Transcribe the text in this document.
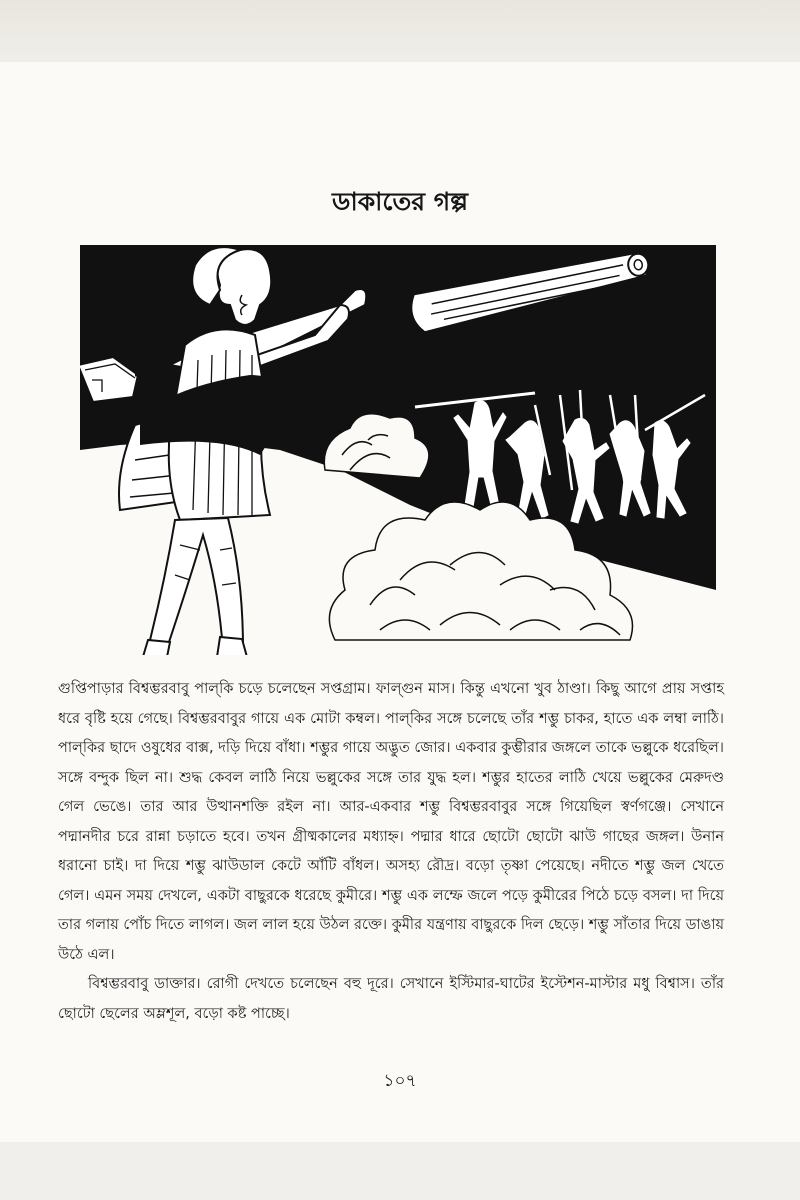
ডাকাতের গল্প

গুপ্তিপাড়ার বিশ্বম্ভরবাবু পাল্‌কি চড়ে চলেছেন সপ্তগ্রাম। ফাল্গুন মাস। কিন্তু এখনো খুব ঠাণ্ডা। কিছু আগে প্রায় সপ্তাহ ধরে বৃষ্টি হয়ে গেছে। বিশ্বম্ভরবাবুর গায়ে এক মোটা কম্বল। পাল্‌কির সঙ্গে চলেছে তাঁর শম্ভু চাকর, হাতে এক লম্বা লাঠি। পাল্‌কির ছাদে ওষুধের বাক্স, দড়ি দিয়ে বাঁধা। শম্ভুর গায়ে অদ্ভুত জোর। একবার কুম্ভীরার জঙ্গলে তাকে ভল্লুকে ধরেছিল। সঙ্গে বন্দুক ছিল না। শুদ্ধ কেবল লাঠি নিয়ে ভল্লুকের সঙ্গে তার যুদ্ধ হল। শম্ভুর হাতের লাঠি খেয়ে ভল্লুকের মেরুদণ্ড গেল ভেঙে। তার আর উত্থানশক্তি রইল না। আর-একবার শম্ভু বিশ্বম্ভরবাবুর সঙ্গে গিয়েছিল স্বর্ণগঞ্জে। সেখানে পদ্মানদীর চরে রান্না চড়াতে হবে। তখন গ্রীষ্মকালের মধ্যাহ্ন। পদ্মার ধারে ছোটো ছোটো ঝাউ গাছের জঙ্গল। উনান ধরানো চাই। দা দিয়ে শম্ভু ঝাউডাল কেটে আঁটি বাঁধল। অসহ্য রৌদ্র। বড়ো তৃষ্ণা পেয়েছে। নদীতে শম্ভু জল খেতে গেল। এমন সময় দেখলে, একটা বাছুরকে ধরেছে কুমীরে। শম্ভু এক লম্ফে জলে পড়ে কুমীরের পিঠে চড়ে বসল। দা দিয়ে তার গলায় পোঁচ দিতে লাগল। জল লাল হয়ে উঠল রক্তে। কুমীর যন্ত্রণায় বাছুরকে দিল ছেড়ে। শম্ভু সাঁতার দিয়ে ডাঙায় উঠে এল।

বিশ্বম্ভরবাবু ডাক্তার। রোগী দেখতে চলেছেন বহু দূরে। সেখানে ইস্টিমার-ঘাটের ইস্টেশন-মাস্টার মধু বিশ্বাস। তাঁর ছোটো ছেলের অম্লশূল, বড়ো কষ্ট পাচ্ছে।

১০৭
